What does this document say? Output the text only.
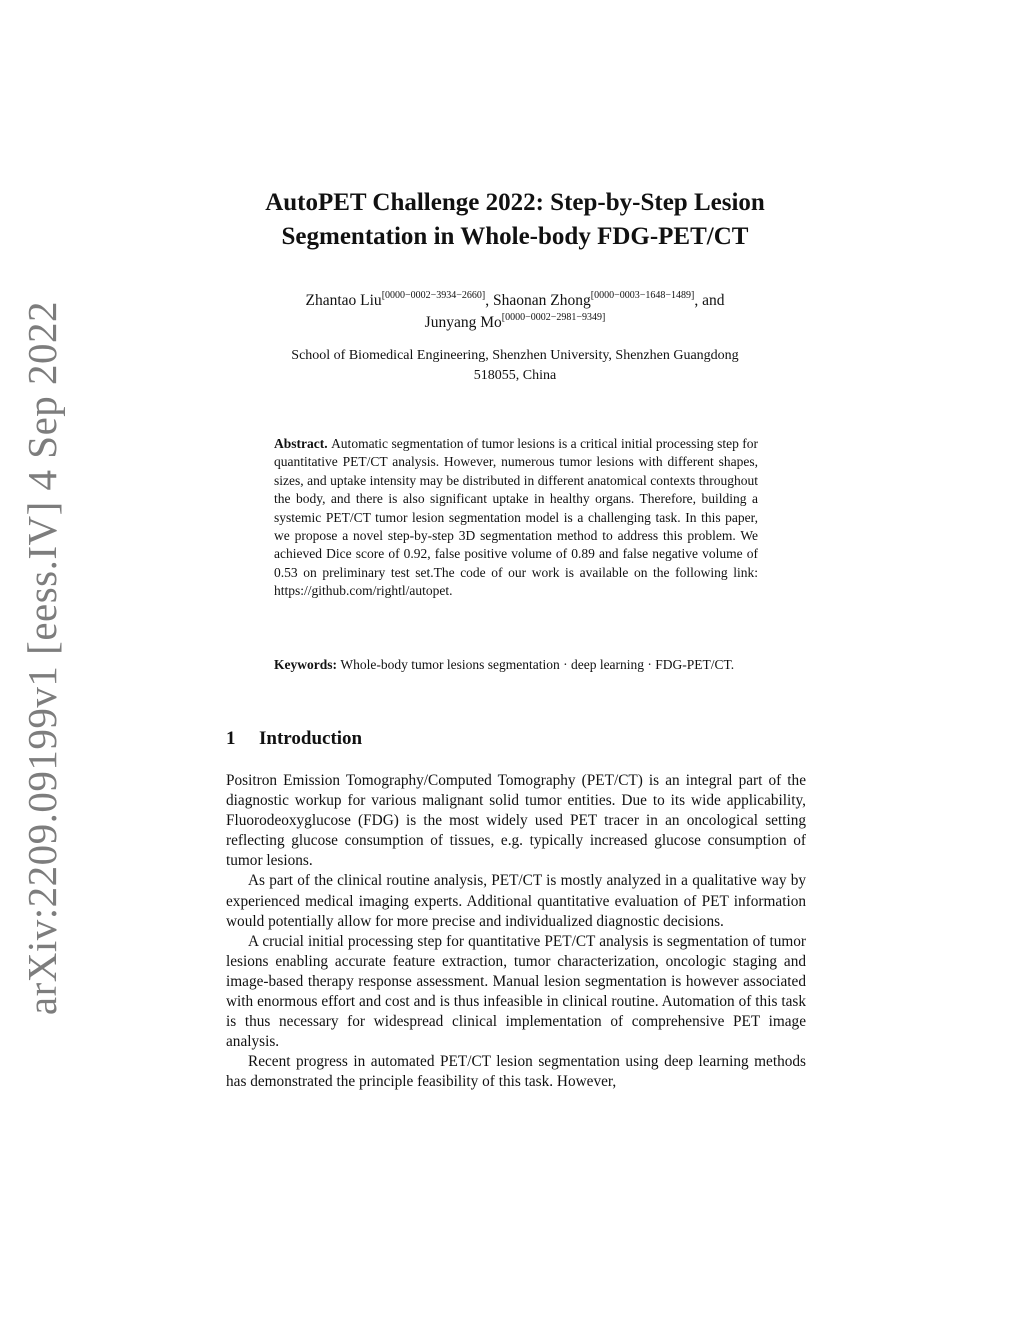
arXiv:2209.09199v1 [eess.IV] 4 Sep 2022
AutoPET Challenge 2022: Step-by-Step Lesion
Segmentation in Whole-body FDG-PET/CT
Zhantao Liu[0000−0002−3934−2660], Shaonan Zhong[0000−0003−1648−1489], and
Junyang Mo[0000−0002−2981−9349]
School of Biomedical Engineering, Shenzhen University, Shenzhen Guangdong
518055, China
Abstract. Automatic segmentation of tumor lesions is a critical initial processing step for quantitative PET/CT analysis. However, numerous tumor lesions with different shapes, sizes, and uptake intensity may be distributed in different anatomical contexts throughout the body, and there is also significant uptake in healthy organs. Therefore, building a systemic PET/CT tumor lesion segmentation model is a challenging task. In this paper, we propose a novel step-by-step 3D segmentation method to address this problem. We achieved Dice score of 0.92, false positive volume of 0.89 and false negative volume of 0.53 on preliminary test set.The code of our work is available on the following link: https://github.com/rightl/autopet.
Keywords: Whole-body tumor lesions segmentation · deep learning · FDG-PET/CT.
1 Introduction

Positron Emission Tomography/Computed Tomography (PET/CT) is an integral part of the diagnostic workup for various malignant solid tumor entities. Due to its wide applicability, Fluorodeoxyglucose (FDG) is the most widely used PET tracer in an oncological setting reflecting glucose consumption of tissues, e.g. typically increased glucose consumption of tumor lesions.

As part of the clinical routine analysis, PET/CT is mostly analyzed in a qualitative way by experienced medical imaging experts. Additional quantitative evaluation of PET information would potentially allow for more precise and individualized diagnostic decisions.

A crucial initial processing step for quantitative PET/CT analysis is segmentation of tumor lesions enabling accurate feature extraction, tumor characterization, oncologic staging and image-based therapy response assessment. Manual lesion segmentation is however associated with enormous effort and cost and is thus infeasible in clinical routine. Automation of this task is thus necessary for widespread clinical implementation of comprehensive PET image analysis.

Recent progress in automated PET/CT lesion segmentation using deep learning methods has demonstrated the principle feasibility of this task. However,
